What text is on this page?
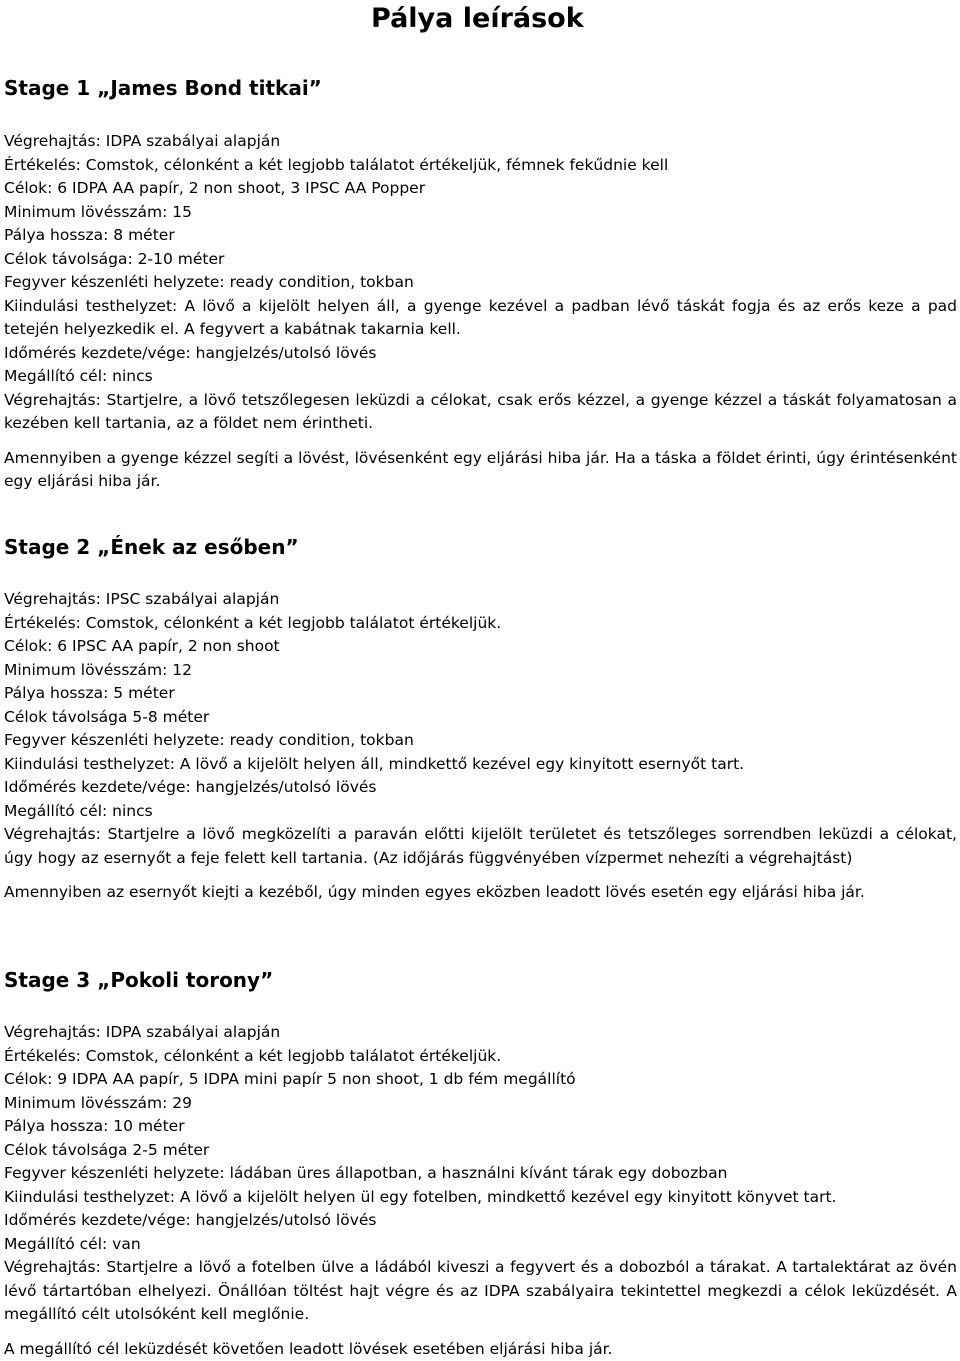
Pálya leírások
Stage 1 „James Bond titkai”

Végrehajtás: IDPA szabályai alapján

Értékelés: Comstok, célonként a két legjobb találatot értékeljük, fémnek fekűdnie kell

Célok: 6 IDPA AA papír, 2 non shoot, 3 IPSC AA Popper

Minimum lövésszám: 15

Pálya hossza: 8 méter

Célok távolsága: 2-10 méter

Fegyver készenléti helyzete: ready condition, tokban

Kiindulási testhelyzet: A lövő a kijelölt helyen áll, a gyenge kezével a padban lévő táskát fogja és az erős keze a pad tetején helyezkedik el. A fegyvert a kabátnak takarnia kell.

Időmérés kezdete/vége: hangjelzés/utolsó lövés

Megállító cél: nincs

Végrehajtás: Startjelre, a lövő tetszőlegesen leküzdi a célokat, csak erős kézzel, a gyenge kézzel a táskát folyamatosan a kezében kell tartania, az a földet nem érintheti.

Amennyiben a gyenge kézzel segíti a lövést, lövésenként egy eljárási hiba jár. Ha a táska a földet érinti, úgy érintésenként egy eljárási hiba jár.

Stage 2 „Ének az esőben”

Végrehajtás: IPSC szabályai alapján

Értékelés: Comstok, célonként a két legjobb találatot értékeljük.

Célok: 6 IPSC AA papír, 2 non shoot

Minimum lövésszám: 12

Pálya hossza: 5 méter

Célok távolsága 5-8 méter

Fegyver készenléti helyzete: ready condition, tokban

Kiindulási testhelyzet: A lövő a kijelölt helyen áll, mindkettő kezével egy kinyitott esernyőt tart.

Időmérés kezdete/vége: hangjelzés/utolsó lövés

Megállító cél: nincs

Végrehajtás: Startjelre a lövő megközelíti a paraván előtti kijelölt területet és tetszőleges sorrendben leküzdi a célokat, úgy hogy az esernyőt a feje felett kell tartania. (Az időjárás függvényében vízpermet nehezíti a végrehajtást)

Amennyiben az esernyőt kiejti a kezéből, úgy minden egyes eközben leadott lövés esetén egy eljárási hiba jár.

Stage 3 „Pokoli torony”

Végrehajtás: IDPA szabályai alapján

Értékelés: Comstok, célonként a két legjobb találatot értékeljük.

Célok: 9 IDPA AA papír, 5 IDPA mini papír 5 non shoot, 1 db fém megállító

Minimum lövésszám: 29

Pálya hossza: 10 méter

Célok távolsága 2-5 méter

Fegyver készenléti helyzete: ládában üres állapotban, a használni kívánt tárak egy dobozban

Kiindulási testhelyzet: A lövő a kijelölt helyen ül egy fotelben, mindkettő kezével egy kinyitott könyvet tart.

Időmérés kezdete/vége: hangjelzés/utolsó lövés

Megállító cél: van

Végrehajtás: Startjelre a lövő a fotelben ülve a ládából kiveszi a fegyvert és a dobozból a tárakat. A tartalektárat az övén lévő tártartóban elhelyezi. Önállóan töltést hajt végre és az IDPA szabályaira tekintettel megkezdi a célok leküzdését. A megállító célt utolsóként kell meglőnie.

A megállító cél leküzdését követően leadott lövések esetében eljárási hiba jár.
